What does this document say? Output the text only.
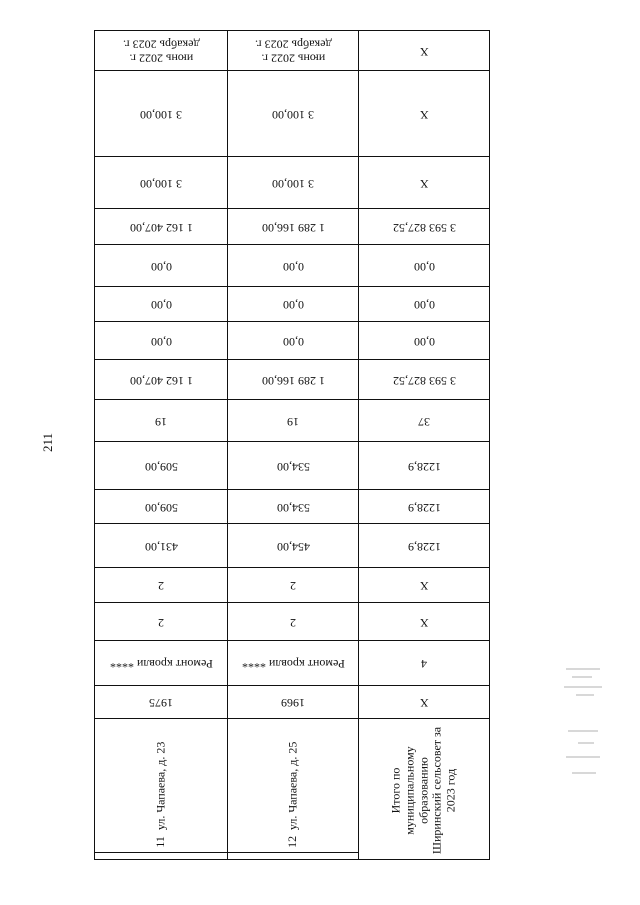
211
июнь 2022 г.
декабрь 2023 г.
3 100,00
3 100,00
1 162 407,00
0,00
0,00
0,00
1 162 407,00
19
509,00
509,00
431,00
2
2
Ремонт кровли ****
1975
ул. Чапаева, д. 23
11
июнь 2022 г.
декабрь 2023 г.
3 100,00
3 100,00
1 289 166,00
0,00
0,00
0,00
1 289 166,00
19
534,00
534,00
454,00
2
2
Ремонт кровли ****
1969
ул. Чапаева, д. 25
12
Х
Х
Х
3 593 827,52
0,00
0,00
0,00
3 593 827,52
37
1228,9
1228,9
1228,9
Х
Х
4
Х
Итого по муниципальному образованию Ширинский сельсовет за 2023 год
